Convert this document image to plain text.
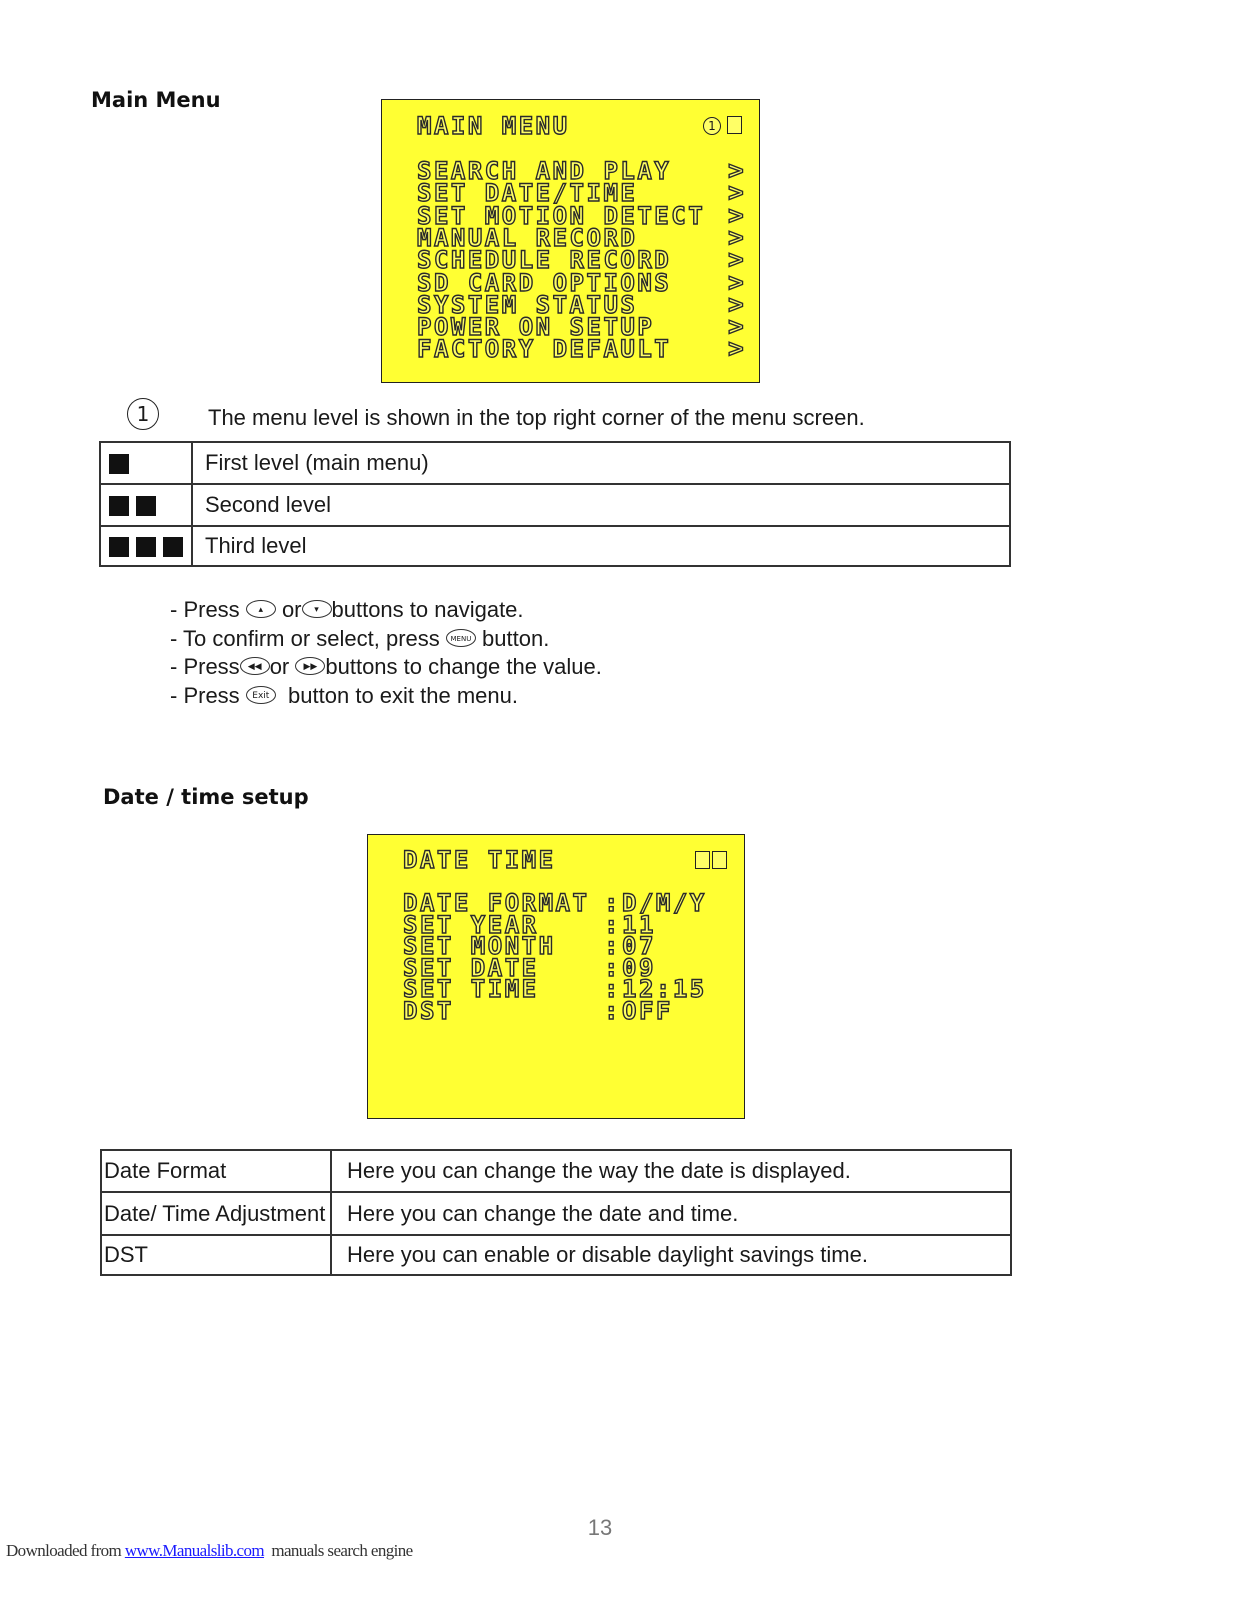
Main Menu
MAIN MENU	1
SEARCH AND PLAY >
SET DATE/TIME	>
SET MOTION DETECT >
MANUAL RECORD	>
SCHEDULE RECORD >
SD CARD OPTIONS >
SYSTEM STATUS	>
POWER ON SETUP	>
FACTORY DEFAULT >
1	The menu level is shown in the top right corner of the menu screen.
	First level (main menu)
	Second level
	Third level
- Press ▴ or ▾ buttons to navigate.
- To confirm or select, press MENU button.
- Press ◀◀ or ▶▶ buttons to change the value.
- Press Exit button to exit the menu.
Date / time setup
DATE TIME
DATE FORMAT : D/M/Y
SET YEAR	: 11
SET MONTH : 07
SET DATE	: 09
SET TIME	: 12:15
DST	: OFF
Date Format	Here you can change the way the date is displayed.
Date/ Time Adjustment	Here you can change the date and time.
DST	Here you can enable or disable daylight savings time.
13
Downloaded from www.Manualslib.com manuals search engine
